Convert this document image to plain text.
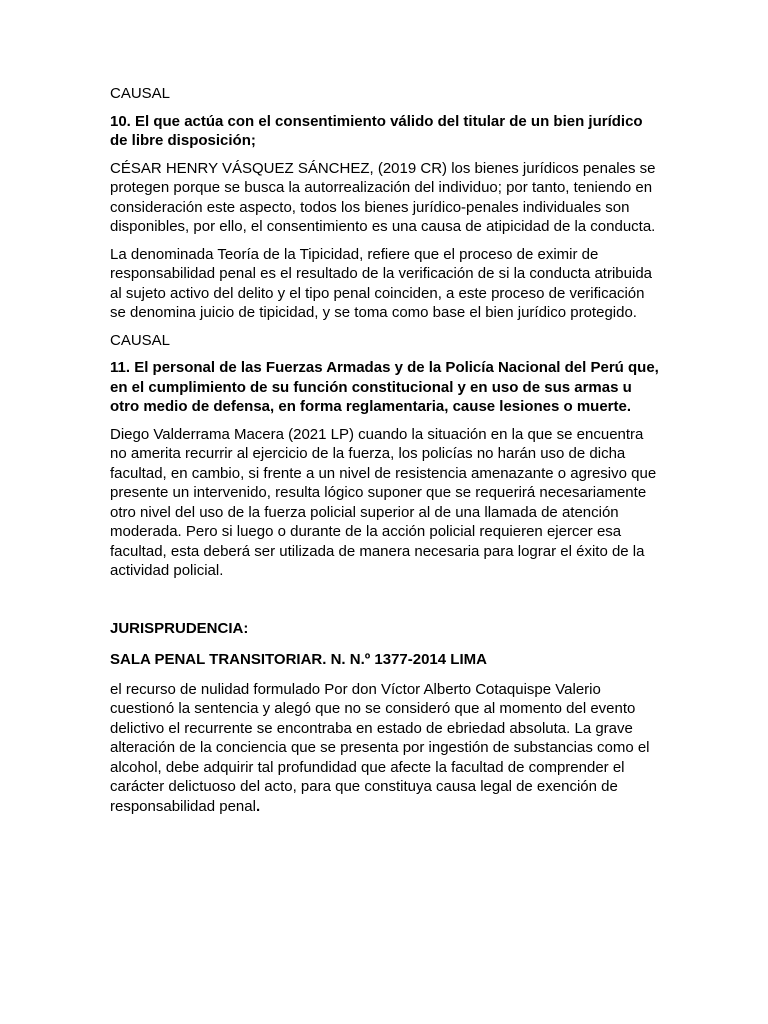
CAUSAL
10. El que actúa con el consentimiento válido del titular de un bien jurídico de libre disposición;
CÉSAR HENRY VÁSQUEZ SÁNCHEZ, (2019 CR) los bienes jurídicos penales se protegen porque se busca la autorrealización del individuo; por tanto, teniendo en consideración este aspecto, todos los bienes jurídico-penales individuales son disponibles, por ello, el consentimiento es una causa de atipicidad de la conducta.
La denominada Teoría de la Tipicidad, refiere que el proceso de eximir de responsabilidad penal es el resultado de la verificación de si la conducta atribuida al sujeto activo del delito y el tipo penal coinciden, a este proceso de verificación se denomina juicio de tipicidad, y se toma como base el bien jurídico protegido.
CAUSAL
11. El personal de las Fuerzas Armadas y de la Policía Nacional del Perú que, en el cumplimiento de su función constitucional y en uso de sus armas u otro medio de defensa, en forma reglamentaria, cause lesiones o muerte.
Diego Valderrama Macera (2021 LP) cuando la situación en la que se encuentra no amerita recurrir al ejercicio de la fuerza, los policías no harán uso de dicha facultad, en cambio, si frente a un nivel de resistencia amenazante o agresivo que presente un intervenido, resulta lógico suponer que se requerirá necesariamente otro nivel del uso de la fuerza policial superior al de una llamada de atención moderada. Pero si luego o durante de la acción policial requieren ejercer esa facultad, esta deberá ser utilizada de manera necesaria para lograr el éxito de la actividad policial.
JURISPRUDENCIA:
SALA PENAL TRANSITORIAR. N. N.º 1377-2014 LIMA
el recurso de nulidad formulado Por don Víctor Alberto Cotaquispe Valerio cuestionó la sentencia y alegó que no se consideró que al momento del evento delictivo el recurrente se encontraba en estado de ebriedad absoluta. La grave alteración de la conciencia que se presenta por ingestión de substancias como el alcohol, debe adquirir tal profundidad que afecte la facultad de comprender el carácter delictuoso del acto, para que constituya causa legal de exención de responsabilidad penal.
